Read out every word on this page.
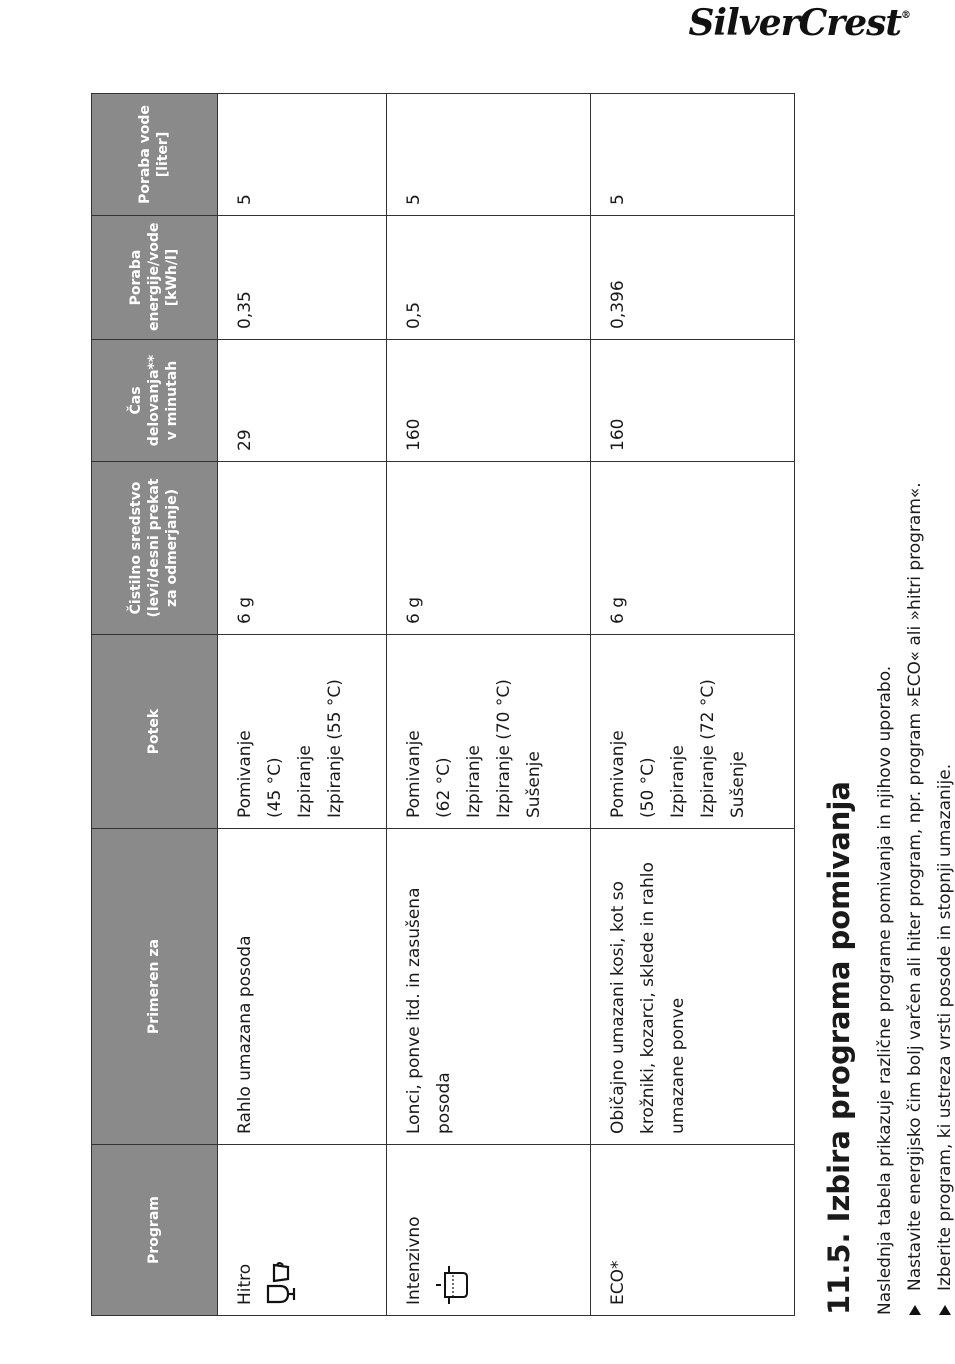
SilverCrest®
11.5. Izbira programa pomivanja Naslednja tabela prikazuje različne programe pomivanja in njihovo uporabo. Nastavite energijsko čim bolj varčen ali hiter program, npr. program »ECO« ali »hitri program«. Izberite program, ki ustreza vrsti posode in stopnji umazanije.
Program	Primeren za	Potek	Čistilno sredstvo (levi/desni prekat za odmerjanje)	Čas delovanja** v minutah	Poraba energije/vode [kWh/l]	Poraba vode [liter]
Hitro	Rahlo umazana posoda	Pomivanje (45 °C) Izpiranje Izpiranje (55 °C)	6 g	29	0,35	5
Intenzivno	Lonci, ponve itd. in zasušena posoda	Pomivanje (62 °C) Izpiranje Izpiranje (70 °C) Sušenje	6 g	160	0,5	5
ECO*	Običajno umazani kosi, kot so krožniki, kozarci, sklede in rahlo umazane ponve	Pomivanje (50 °C) Izpiranje Izpiranje (72 °C) Sušenje	6 g	160	0,396	5
